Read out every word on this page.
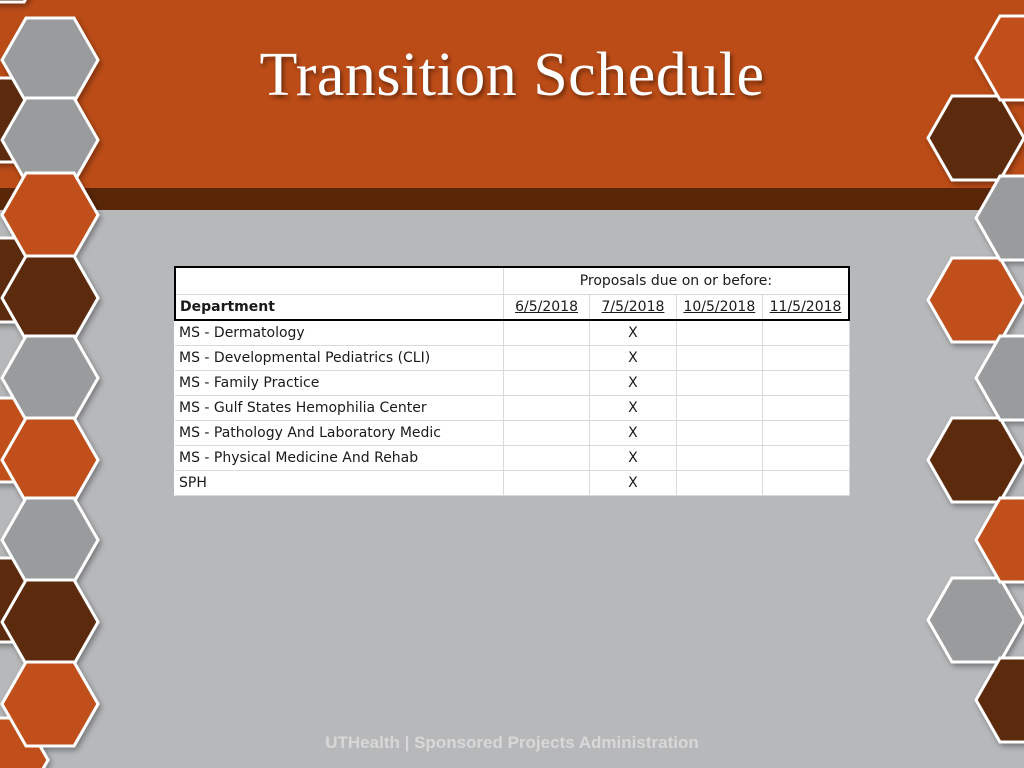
Transition Schedule
	Proposals due on or before:			
Department	6/5/2018	7/5/2018	10/5/2018	11/5/2018
MS - Dermatology		X		
MS - Developmental Pediatrics (CLI)		X		
MS - Family Practice		X		
MS - Gulf States Hemophilia Center		X		
MS - Pathology And Laboratory Medic		X		
MS - Physical Medicine And Rehab		X		
SPH		X		
UTHealth | Sponsored Projects Administration
